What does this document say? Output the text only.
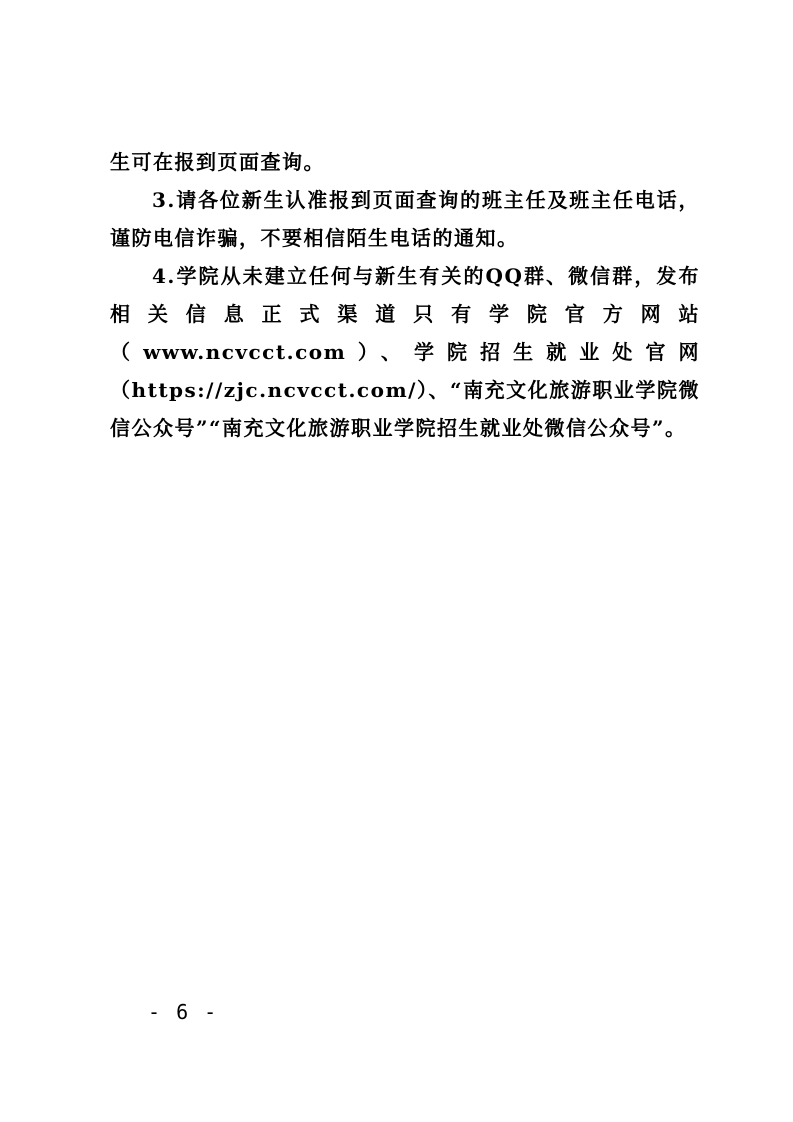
生可在报到页面查询。

3.请各位新生认准报到页面查询的班主任及班主任电话，谨防电信诈骗，不要相信陌生电话的通知。

4.学院从未建立任何与新生有关的QQ群、微信群，发布相关信息正式渠道只有学院官方网站（www.ncvcct.com）、学院招生就业处官网（https://zjc.ncvcct.com/）、“南充文化旅游职业学院微信公众号”“南充文化旅游职业学院招生就业处微信公众号”。

- 6 -
